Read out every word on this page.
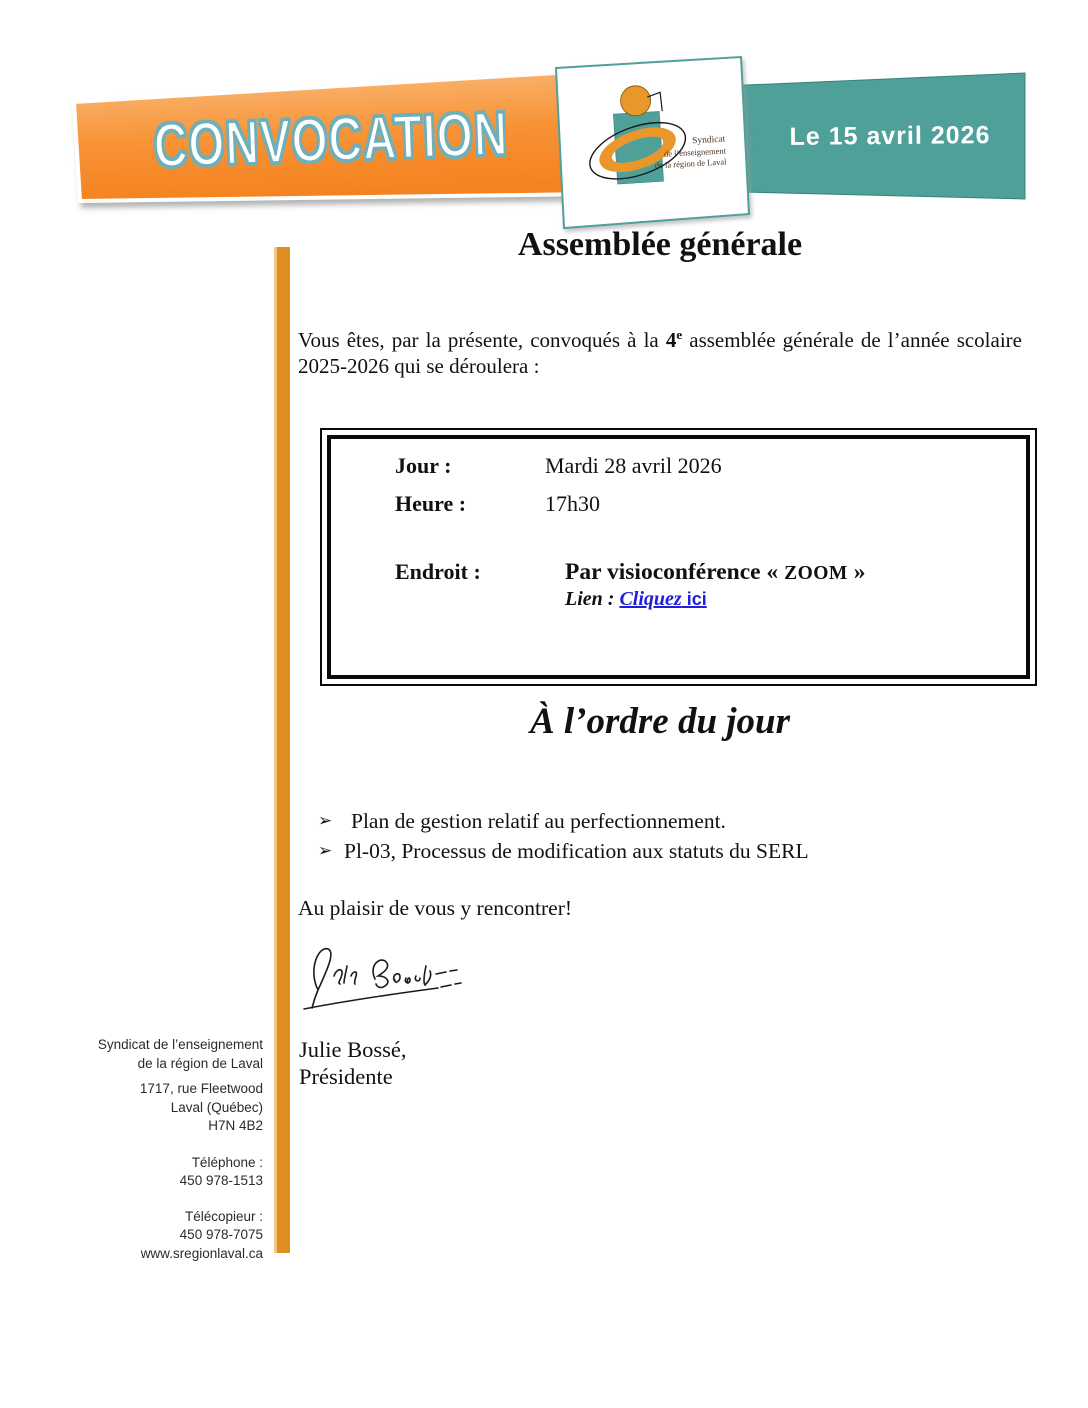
CONVOCATION	Le 15 avril 2026
Syndicat
de l’enseignement
de la région de Laval
Assemblée générale

Vous êtes, par la présente, convoqués à la 4e assemblée générale de l’année scolaire 2025-2026 qui se déroulera :

Jour :	Mardi 28 avril 2026
Heure :	17h30
Endroit :	Par visioconférence « ZOOM »
Lien : Cliquez ici
À l’ordre du jour
➢ Plan de gestion relatif au perfectionnement.
➢ Pl-03, Processus de modification aux statuts du SERL

Au plaisir de vous y rencontrer!

Julie Bossé,
Présidente
Syndicat de l’enseignement
de la région de Laval
1717, rue Fleetwood
Laval (Québec)
H7N 4B2
Téléphone :
450 978-1513
Télécopieur :
450 978-7075
www.sregionlaval.ca
